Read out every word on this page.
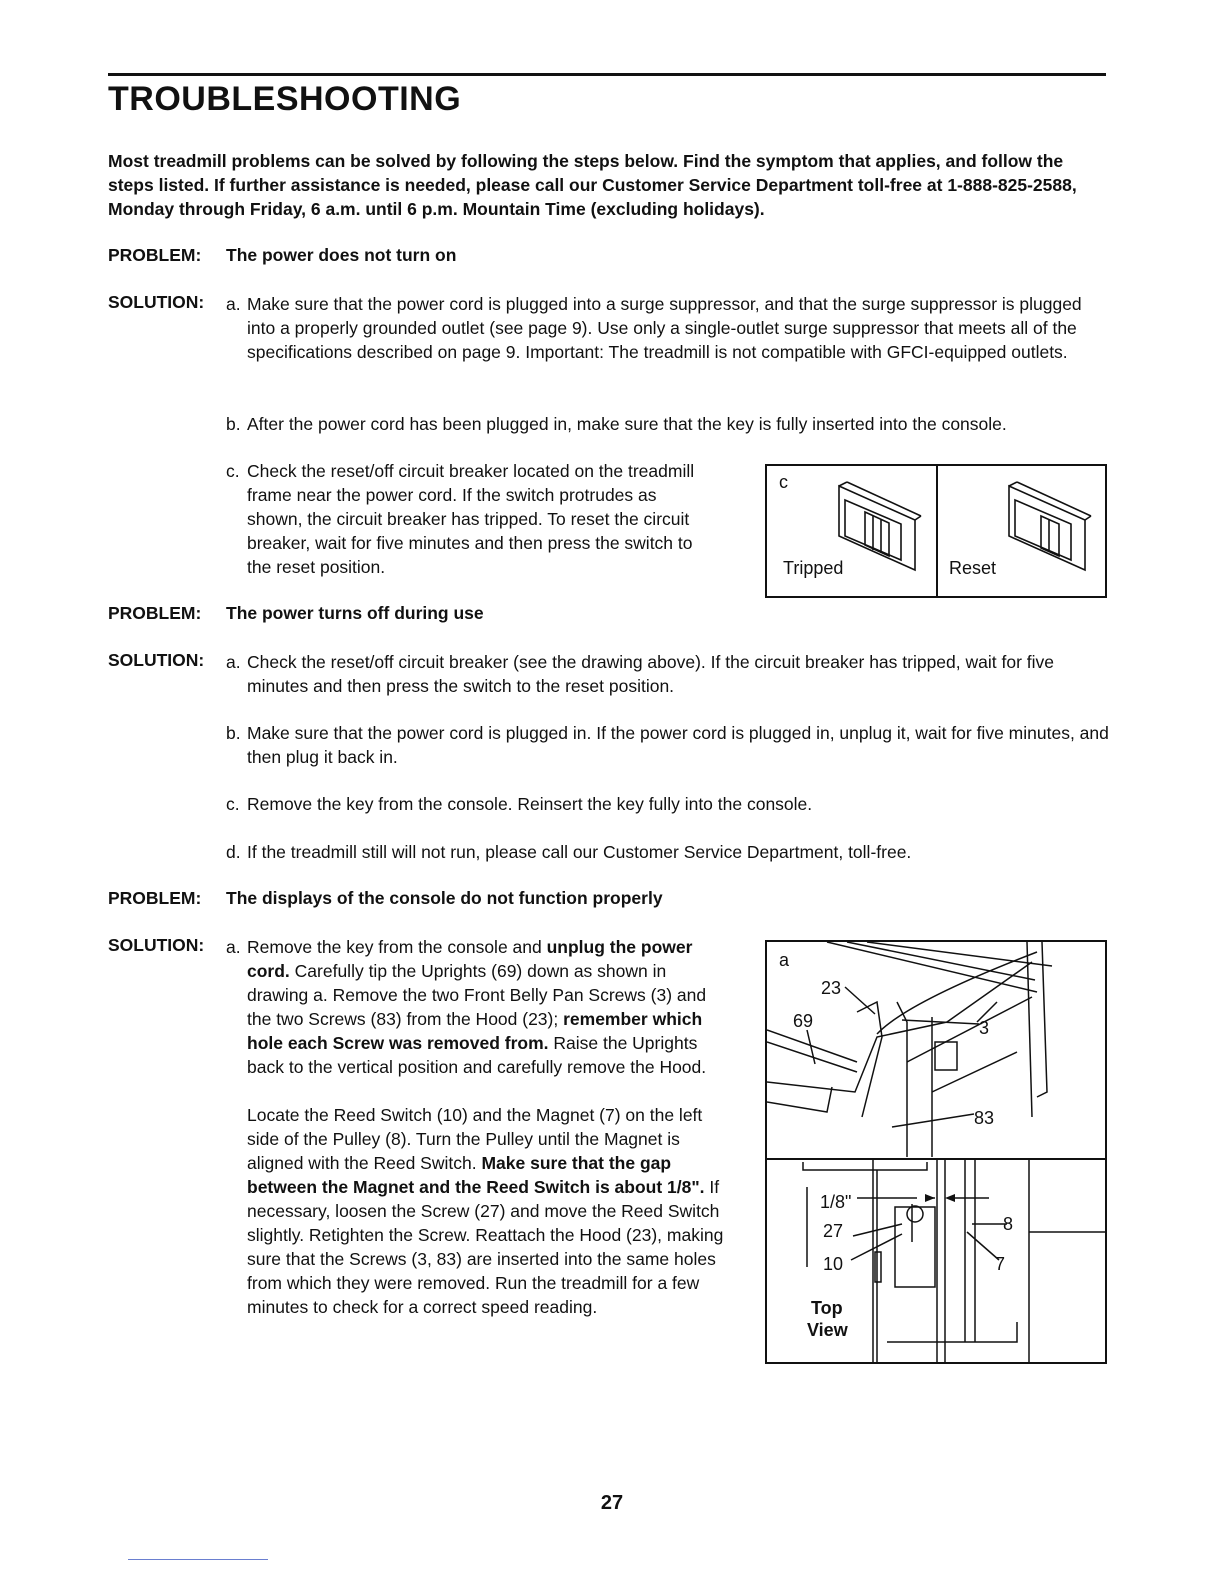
TROUBLESHOOTING
Most treadmill problems can be solved by following the steps below. Find the symptom that applies, and follow the steps listed. If further assistance is needed, please call our Customer Service Department toll-free at 1-888-825-2588, Monday through Friday, 6 a.m. until 6 p.m. Mountain Time (excluding holidays).
PROBLEM: The power does not turn on
SOLUTION: a. Make sure that the power cord is plugged into a surge suppressor, and that the surge suppressor is plugged into a properly grounded outlet (see page 9). Use only a single-outlet surge suppressor that meets all of the specifications described on page 9. Important: The treadmill is not compatible with GFCI-equipped outlets.
b. After the power cord has been plugged in, make sure that the key is fully inserted into the console.
c. Check the reset/off circuit breaker located on the treadmill frame near the power cord. If the switch protrudes as shown, the circuit breaker has tripped. To reset the circuit breaker, wait for five minutes and then press the switch to the reset position.
c
Tripped	Reset
PROBLEM: The power turns off during use
SOLUTION: a. Check the reset/off circuit breaker (see the drawing above). If the circuit breaker has tripped, wait for five minutes and then press the switch to the reset position.
b. Make sure that the power cord is plugged in. If the power cord is plugged in, unplug it, wait for five minutes, and then plug it back in.
c. Remove the key from the console. Reinsert the key fully into the console.
d. If the treadmill still will not run, please call our Customer Service Department, toll-free.
PROBLEM: The displays of the console do not function properly
SOLUTION: a. Remove the key from the console and unplug the power cord. Carefully tip the Uprights (69) down as shown in drawing a. Remove the two Front Belly Pan Screws (3) and the two Screws (83) from the Hood (23); remember which hole each Screw was removed from. Raise the Uprights back to the vertical position and carefully remove the Hood.
Locate the Reed Switch (10) and the Magnet (7) on the left side of the Pulley (8). Turn the Pulley until the Magnet is aligned with the Reed Switch. Make sure that the gap between the Magnet and the Reed Switch is about 1/8". If necessary, loosen the Screw (27) and move the Reed Switch slightly. Retighten the Screw. Reattach the Hood (23), making sure that the Screws (3, 83) are inserted into the same holes from which they were removed. Run the treadmill for a few minutes to check for a correct speed reading.
a
23
69	3
83
1/8"
27
10
8
7
Top
View
27
